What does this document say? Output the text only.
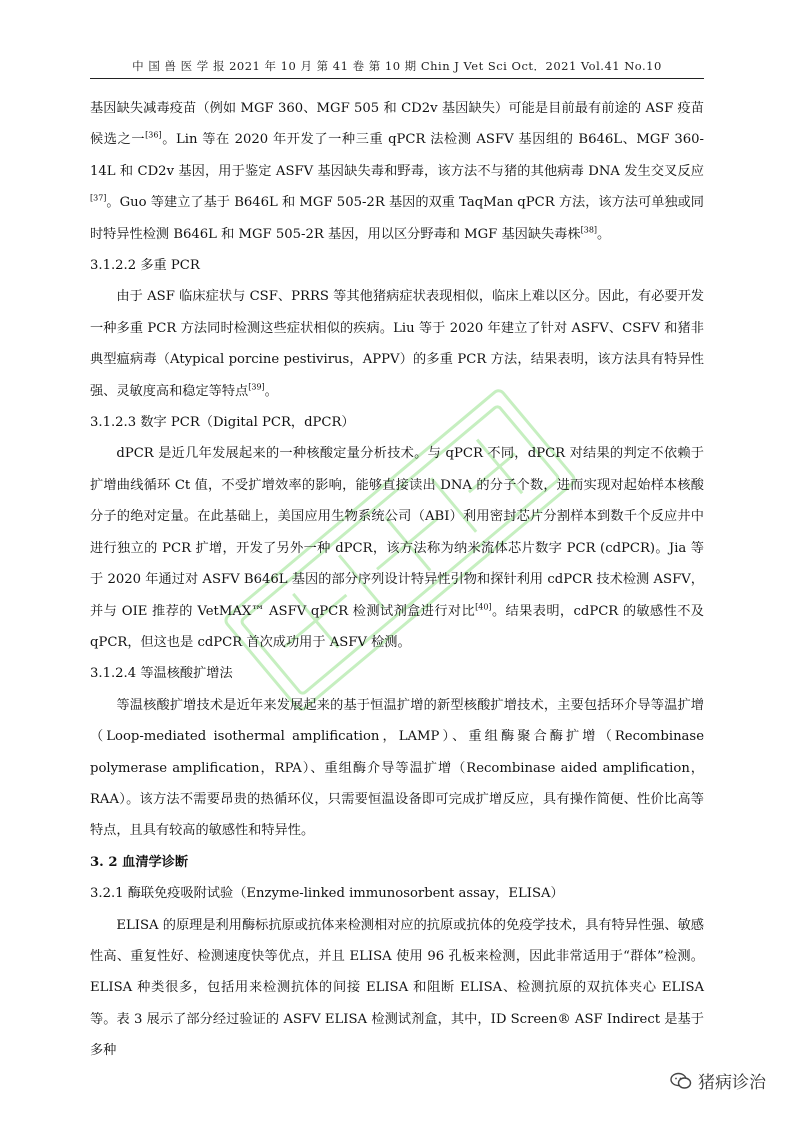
中 国 兽 医 学 报 2021 年 10 月 第 41 卷 第 10 期 Chin J Vet Sci Oct．2021 Vol.41 No.10

基因缺失减毒疫苗（例如 MGF 360、MGF 505 和 CD2v 基因缺失）可能是目前最有前途的 ASF 疫苗候选之一[36]。Lin 等在 2020 年开发了一种三重 qPCR 法检测 ASFV 基因组的 B646L、MGF 360-14L 和 CD2v 基因，用于鉴定 ASFV 基因缺失毒和野毒，该方法不与猪的其他病毒 DNA 发生交叉反应[37]。Guo 等建立了基于 B646L 和 MGF 505-2R 基因的双重 TaqMan qPCR 方法，该方法可单独或同时特异性检测 B646L 和 MGF 505-2R 基因，用以区分野毒和 MGF 基因缺失毒株[38]。

3.1.2.2 多重 PCR

由于 ASF 临床症状与 CSF、PRRS 等其他猪病症状表现相似，临床上难以区分。因此，有必要开发一种多重 PCR 方法同时检测这些症状相似的疾病。Liu 等于 2020 年建立了针对 ASFV、CSFV 和猪非典型瘟病毒（Atypical porcine pestivirus，APPV）的多重 PCR 方法，结果表明，该方法具有特异性强、灵敏度高和稳定等特点[39]。

3.1.2.3 数字 PCR（Digital PCR，dPCR）

dPCR 是近几年发展起来的一种核酸定量分析技术。与 qPCR 不同，dPCR 对结果的判定不依赖于扩增曲线循环 Ct 值，不受扩增效率的影响，能够直接读出 DNA 的分子个数，进而实现对起始样本核酸分子的绝对定量。在此基础上，美国应用生物系统公司（ABI）利用密封芯片分割样本到数千个反应井中进行独立的 PCR 扩增，开发了另外一种 dPCR，该方法称为纳米流体芯片数字 PCR (cdPCR)。Jia 等于 2020 年通过对 ASFV B646L 基因的部分序列设计特异性引物和探针利用 cdPCR 技术检测 ASFV，并与 OIE 推荐的 VetMAX™ ASFV qPCR 检测试剂盒进行对比[40]。结果表明，cdPCR 的敏感性不及 qPCR，但这也是 cdPCR 首次成功用于 ASFV 检测。

3.1.2.4 等温核酸扩增法

等温核酸扩增技术是近年来发展起来的基于恒温扩增的新型核酸扩增技术，主要包括环介导等温扩增（Loop-mediated isothermal amplification，LAMP）、重组酶聚合酶扩增（Recombinase polymerase amplification，RPA）、重组酶介导等温扩增（Recombinase aided amplification，RAA）。该方法不需要昂贵的热循环仪，只需要恒温设备即可完成扩增反应，具有操作简便、性价比高等特点，且具有较高的敏感性和特异性。

3. 2 血清学诊断

3.2.1 酶联免疫吸附试验（Enzyme-linked immunosorbent assay，ELISA）

ELISA 的原理是利用酶标抗原或抗体来检测相对应的抗原或抗体的免疫学技术，具有特异性强、敏感性高、重复性好、检测速度快等优点，并且 ELISA 使用 96 孔板来检测，因此非常适用于“群体”检测。ELISA 种类很多，包括用来检测抗体的间接 ELISA 和阻断 ELISA、检测抗原的双抗体夹心 ELISA 等。表 3 展示了部分经过验证的 ASFV ELISA 检测试剂盒，其中，ID Screen® ASF Indirect 是基于多种

猪病诊治
